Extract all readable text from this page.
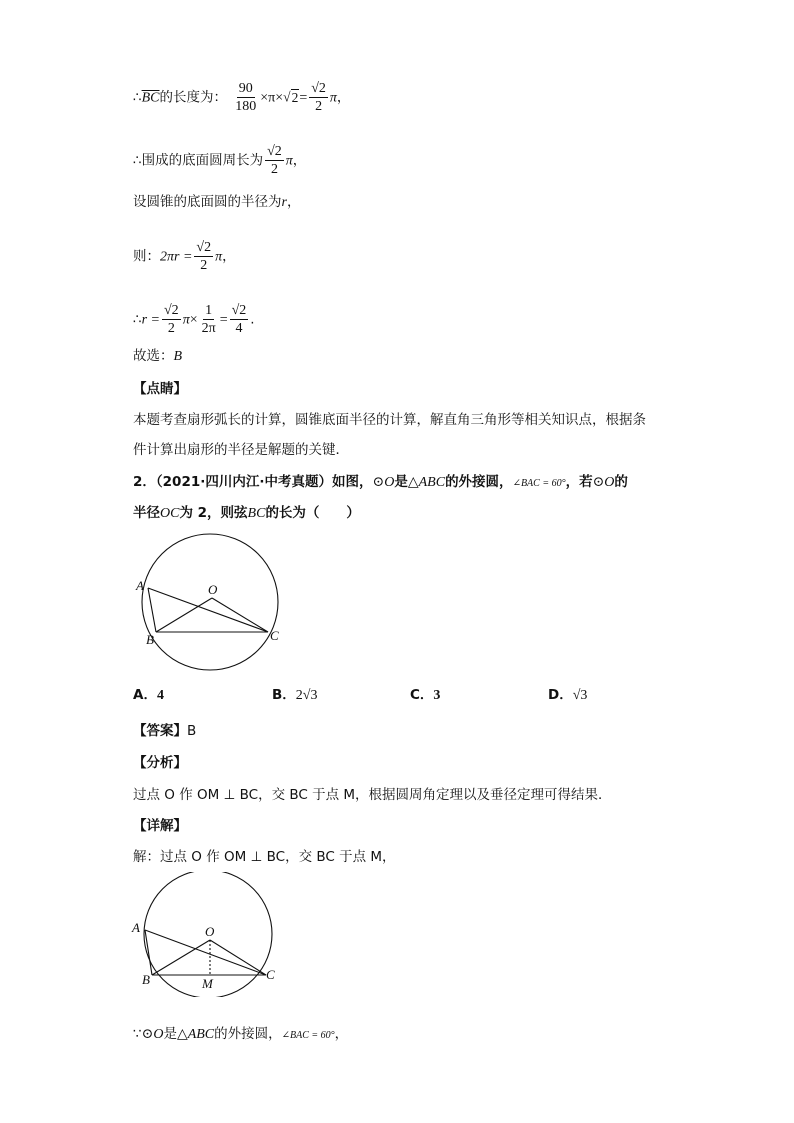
$\therefore\overline{BC}$的长度为： $\frac{90}{180} \times\pi\times√2= \frac{√2}{2}$ π，
∴围成的底面圆周长为 $\frac{√2}{2}$ π，
设圆锥的底面圆的半径为r，
则：$2\pi r = \frac{√2}{2}$ π，
∴r = $\frac{√2}{2} \pi\times \frac{1}{2\pi} = \frac{√2}{4}$ .
故选：B
【点睛】
本题考查扇形弧长的计算，圆锥底面半径的计算，解直角三角形等相关知识点，根据条
件计算出扇形的半径是解题的关键．
2．（2021·四川内江·中考真题）如图，⊙O是△ABC的外接圆，∠BAC = 60°，若⊙O的
半径OC为 2，则弦BC的长为（　　）
A	O
B	C
A．4	B．2√3	C．3	D．√3
【答案】B
【分析】
过点 O 作 OM ⊥ BC，交 BC 于点 M，根据圆周角定理以及垂径定理可得结果．
【详解】
解：过点 O 作 OM ⊥ BC，交 BC 于点 M，
A	O
B	C
M
∵⊙O是△ABC的外接圆，∠BAC = 60°，
